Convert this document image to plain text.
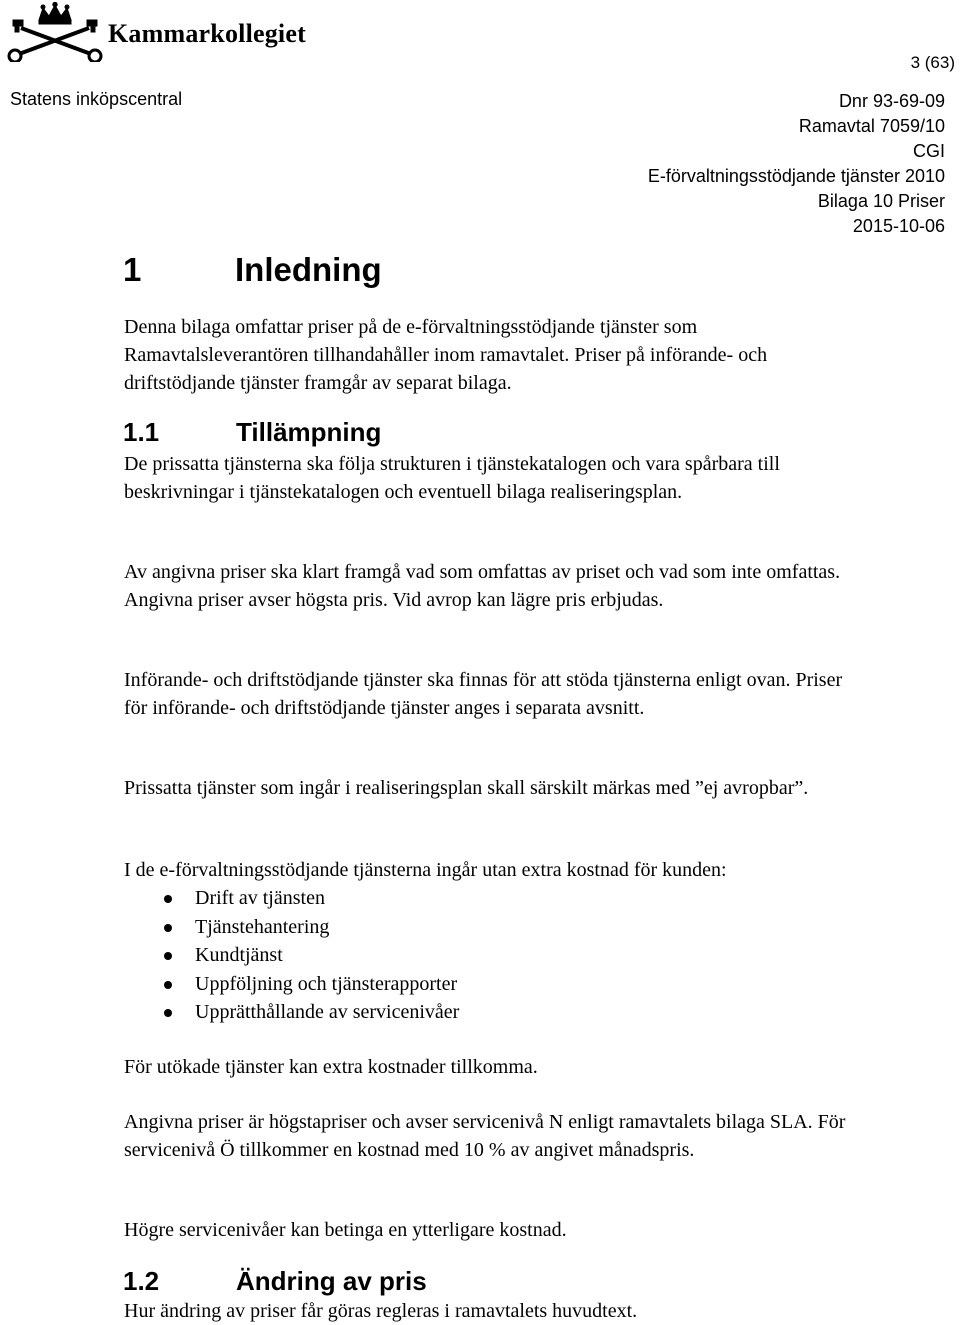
Kammarkollegiet
3 (63)
Statens inköpscentral	Dnr 93-69-09
Ramavtal 7059/10
CGI
E-förvaltningsstödjande tjänster 2010
Bilaga 10 Priser
2015-10-06
1	Inledning
Denna bilaga omfattar priser på de e-förvaltningsstödjande tjänster som Ramavtalsleverantören tillhandahåller inom ramavtalet. Priser på införande- och driftstödjande tjänster framgår av separat bilaga.
1.1	Tillämpning
De prissatta tjänsterna ska följa strukturen i tjänstekatalogen och vara spårbara till beskrivningar i tjänstekatalogen och eventuell bilaga realiseringsplan.
Av angivna priser ska klart framgå vad som omfattas av priset och vad som inte omfattas. Angivna priser avser högsta pris. Vid avrop kan lägre pris erbjudas.
Införande- och driftstödjande tjänster ska finnas för att stöda tjänsterna enligt ovan. Priser för införande- och driftstödjande tjänster anges i separata avsnitt.
Prissatta tjänster som ingår i realiseringsplan skall särskilt märkas med ”ej avropbar”.
I de e-förvaltningsstödjande tjänsterna ingår utan extra kostnad för kunden:
Drift av tjänsten
Tjänstehantering
Kundtjänst
Uppföljning och tjänsterapporter
Upprätthållande av servicenivåer
För utökade tjänster kan extra kostnader tillkomma.
Angivna priser är högstapriser och avser servicenivå N enligt ramavtalets bilaga SLA. För servicenivå Ö tillkommer en kostnad med 10 % av angivet månadspris.
Högre servicenivåer kan betinga en ytterligare kostnad.
1.2	Ändring av pris
Hur ändring av priser får göras regleras i ramavtalets huvudtext.
